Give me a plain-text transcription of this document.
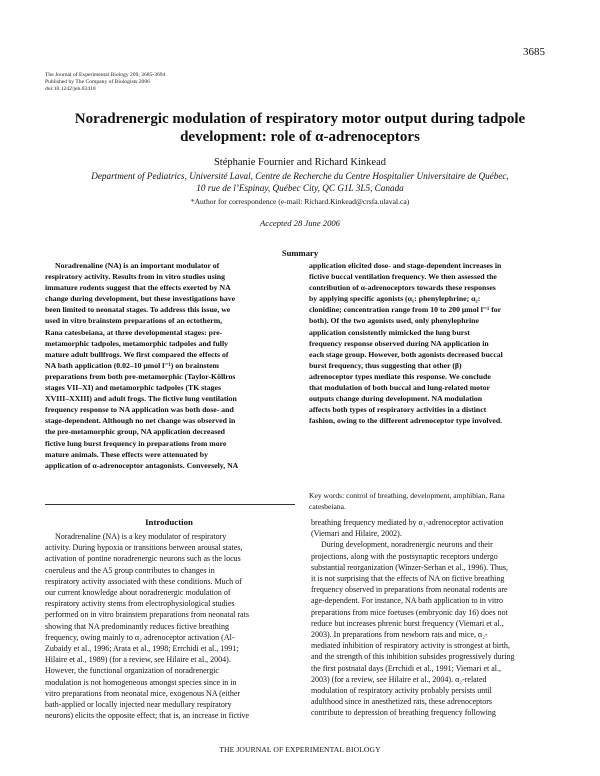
3685
The Journal of Experimental Biology 209, 3685-3694
Published by The Company of Biologists 2006
doi:10.1242/jeb.02418
Noradrenergic modulation of respiratory motor output during tadpole
development: role of α-adrenoceptors
Stéphanie Fournier and Richard Kinkead
Department of Pediatrics, Université Laval, Centre de Recherche du Centre Hospitalier Universitaire de Québec,
10 rue de l’Espinay, Québec City, QC G1L 3L5, Canada
*Author for correspondence (e-mail: Richard.Kinkead@crsfa.ulaval.ca)
Accepted 28 June 2006
Summary

Noradrenaline (NA) is an important modulator of

respiratory activity. Results from in vitro studies using

immature rodents suggest that the effects exerted by NA

change during development, but these investigations have

been limited to neonatal stages. To address this issue, we

used in vitro brainstem preparations of an ectotherm,

Rana catesbeiana, at three developmental stages: pre-

metamorphic tadpoles, metamorphic tadpoles and fully

mature adult bullfrogs. We first compared the effects of

NA bath application (0.02–10 μmol l⁻¹) on brainstem

preparations from both pre-metamorphic (Taylor-Köllros

stages VII–XI) and metamorphic tadpoles (TK stages

XVIII–XXIII) and adult frogs. The fictive lung ventilation

frequency response to NA application was both dose- and

stage-dependent. Although no net change was observed in

the pre-metamorphic group, NA application decreased

fictive lung burst frequency in preparations from more

mature animals. These effects were attenuated by

application of α-adrenoceptor antagonists. Conversely, NA

application elicited dose- and stage-dependent increases in

fictive buccal ventilation frequency. We then assessed the

contribution of α-adrenoceptors towards these responses

by applying specific agonists (α₁: phenylephrine; α₂:

clonidine; concentration range from 10 to 200 μmol l⁻¹ for

both). Of the two agonists used, only phenylephrine

application consistently mimicked the lung burst

frequency response observed during NA application in

each stage group. However, both agonists decreased buccal

burst frequency, thus suggesting that other (β)

adrenoceptor types mediate this response. We conclude

that modulation of both buccal and lung-related motor

outputs change during development. NA modulation

affects both types of respiratory activities in a distinct

fashion, owing to the different adrenoceptor type involved.

Key words: control of breathing, development, amphibian, Rana
catesbeiana.
Introduction

Noradrenaline (NA) is a key modulator of respiratory

activity. During hypoxia or transitions between arousal states,

activation of pontine noradrenergic neurons such as the locus

coeruleus and the A5 group contributes to changes in

respiratory activity associated with these conditions. Much of

our current knowledge about noradrenergic modulation of

respiratory activity stems from electrophysiological studies

performed on in vitro brainstem preparations from neonatal rats

showing that NA predominantly reduces fictive breathing

frequency, owing mainly to α₂ adrenoceptor activation (Al-

Zubaidy et al., 1996; Arata et al., 1998; Errchidi et al., 1991;

Hilaire et al., 1989) (for a review, see Hilaire et al., 2004).

However, the functional organization of noradrenergic

modulation is not homogeneous amongst species since in in

vitro preparations from neonatal mice, exogenous NA (either

bath-applied or locally injected near medullary respiratory

neurons) elicits the opposite effect; that is, an increase in fictive

breathing frequency mediated by α₁-adrenoceptor activation

(Viemari and Hilaire, 2002).

During development, noradrenergic neurons and their

projections, along with the postsynaptic receptors undergo

substantial reorganization (Winzer-Serhan et al., 1996). Thus,

it is not surprising that the effects of NA on fictive breathing

frequency observed in preparations from neonatal rodents are

age-dependent. For instance, NA bath application to in vitro

preparations from mice foetuses (embryonic day 16) does not

reduce but increases phrenic burst frequency (Viemari et al.,

2003). In preparations from newborn rats and mice, α₂-

mediated inhibition of respiratory activity is strongest at birth,

and the strength of this inhibition subsides progressively during

the first postnatal days (Errchidi et al., 1991; Viemari et al.,

2003) (for a review, see Hilaire et al., 2004). α₂-related

modulation of respiratory activity probably persists until

adulthood since in anesthetized rats, these adrenoceptors

contribute to depression of breathing frequency following

THE JOURNAL OF EXPERIMENTAL BIOLOGY
